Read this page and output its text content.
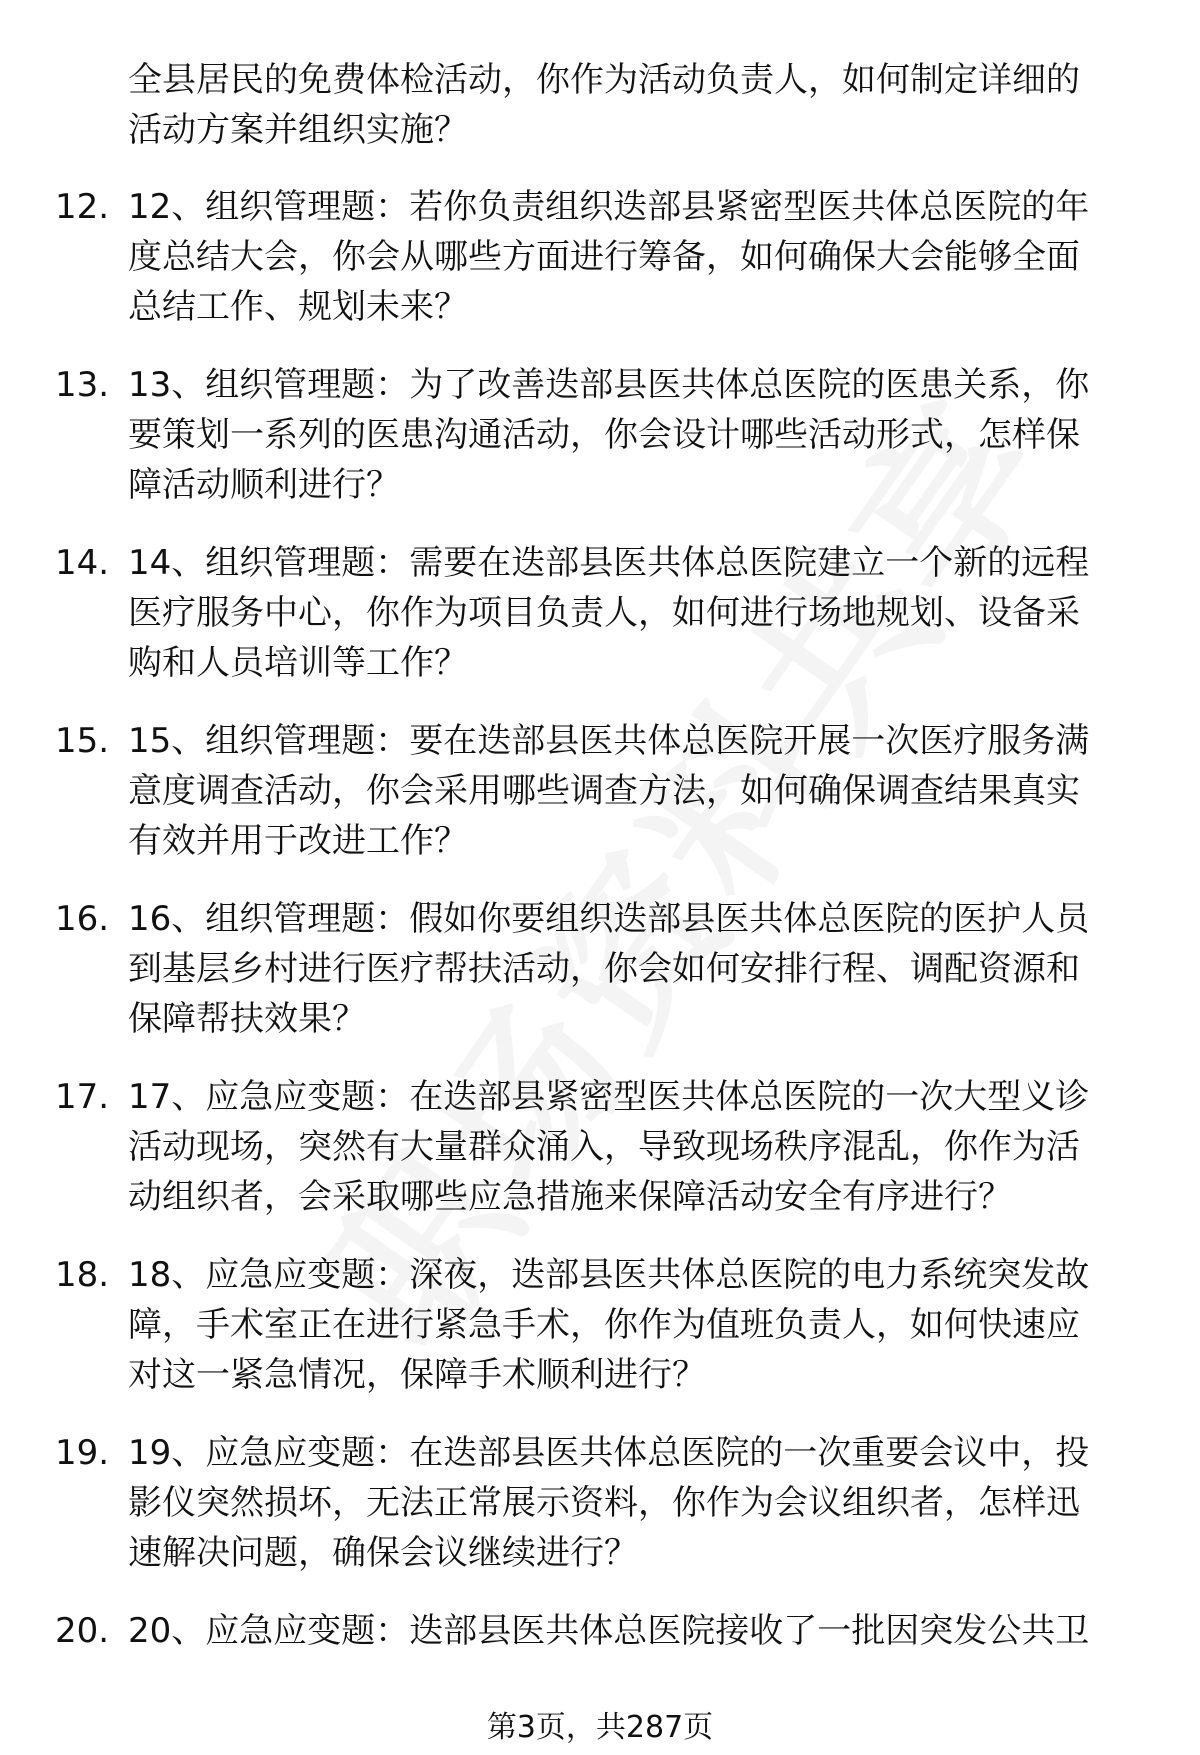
全县居民的免费体检活动，你作为活动负责人，如何制定详细的
活动方案并组织实施？
12. 12、组织管理题：若你负责组织迭部县紧密型医共体总医院的年
度总结大会，你会从哪些方面进行筹备，如何确保大会能够全面
总结工作、规划未来？
13. 13、组织管理题：为了改善迭部县医共体总医院的医患关系，你
要策划一系列的医患沟通活动，你会设计哪些活动形式，怎样保
障活动顺利进行？
14. 14、组织管理题：需要在迭部县医共体总医院建立一个新的远程
医疗服务中心，你作为项目负责人，如何进行场地规划、设备采
购和人员培训等工作？
15. 15、组织管理题：要在迭部县医共体总医院开展一次医疗服务满
意度调查活动，你会采用哪些调查方法，如何确保调查结果真实
有效并用于改进工作？
16. 16、组织管理题：假如你要组织迭部县医共体总医院的医护人员
到基层乡村进行医疗帮扶活动，你会如何安排行程、调配资源和
保障帮扶效果？
17. 17、应急应变题：在迭部县紧密型医共体总医院的一次大型义诊
活动现场，突然有大量群众涌入，导致现场秩序混乱，你作为活
动组织者，会采取哪些应急措施来保障活动安全有序进行？
18. 18、应急应变题：深夜，迭部县医共体总医院的电力系统突发故
障，手术室正在进行紧急手术，你作为值班负责人，如何快速应
对这一紧急情况，保障手术顺利进行？
19. 19、应急应变题：在迭部县医共体总医院的一次重要会议中，投
影仪突然损坏，无法正常展示资料，你作为会议组织者，怎样迅
速解决问题，确保会议继续进行？
20. 20、应急应变题：迭部县医共体总医院接收了一批因突发公共卫
第3页，共287页
